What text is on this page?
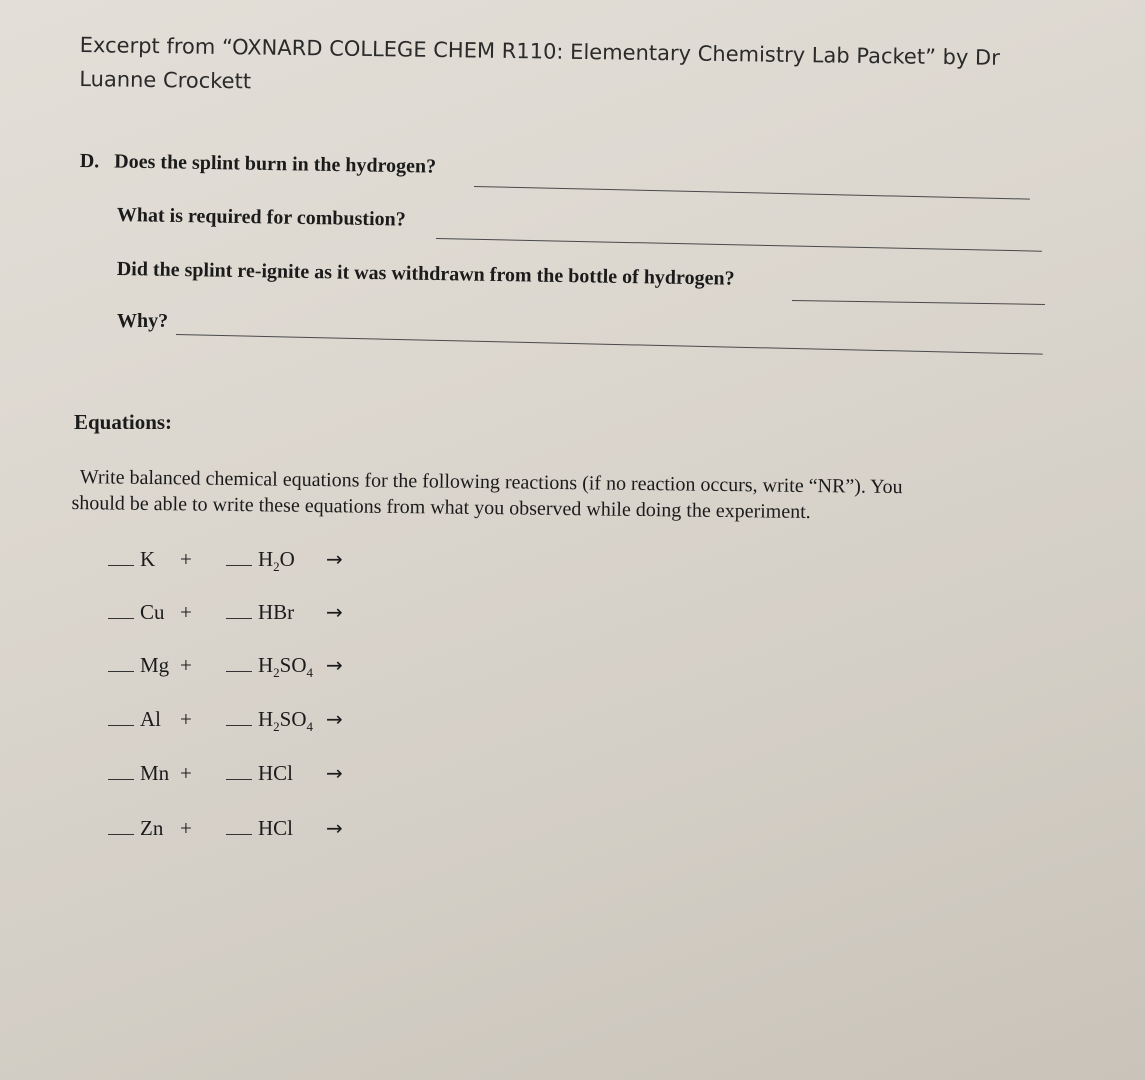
Excerpt from “OXNARD COLLEGE CHEM R110: Elementary Chemistry Lab Packet” by Dr
Luanne Crockett
D. Does the splint burn in the hydrogen?
What is required for combustion?
Did the splint re-ignite as it was withdrawn from the bottle of hydrogen?
Why?
Equations:
Write balanced chemical equations for the following reactions (if no reaction occurs, write “NR”). You
should be able to write these equations from what you observed while doing the experiment.
K +	$H_2O$ →
Cu +	HBr →
Mg +	$H_2SO_4$ →
Al +	$H_2SO_4$ →
Mn +	HCl →
Zn +	HCl →
